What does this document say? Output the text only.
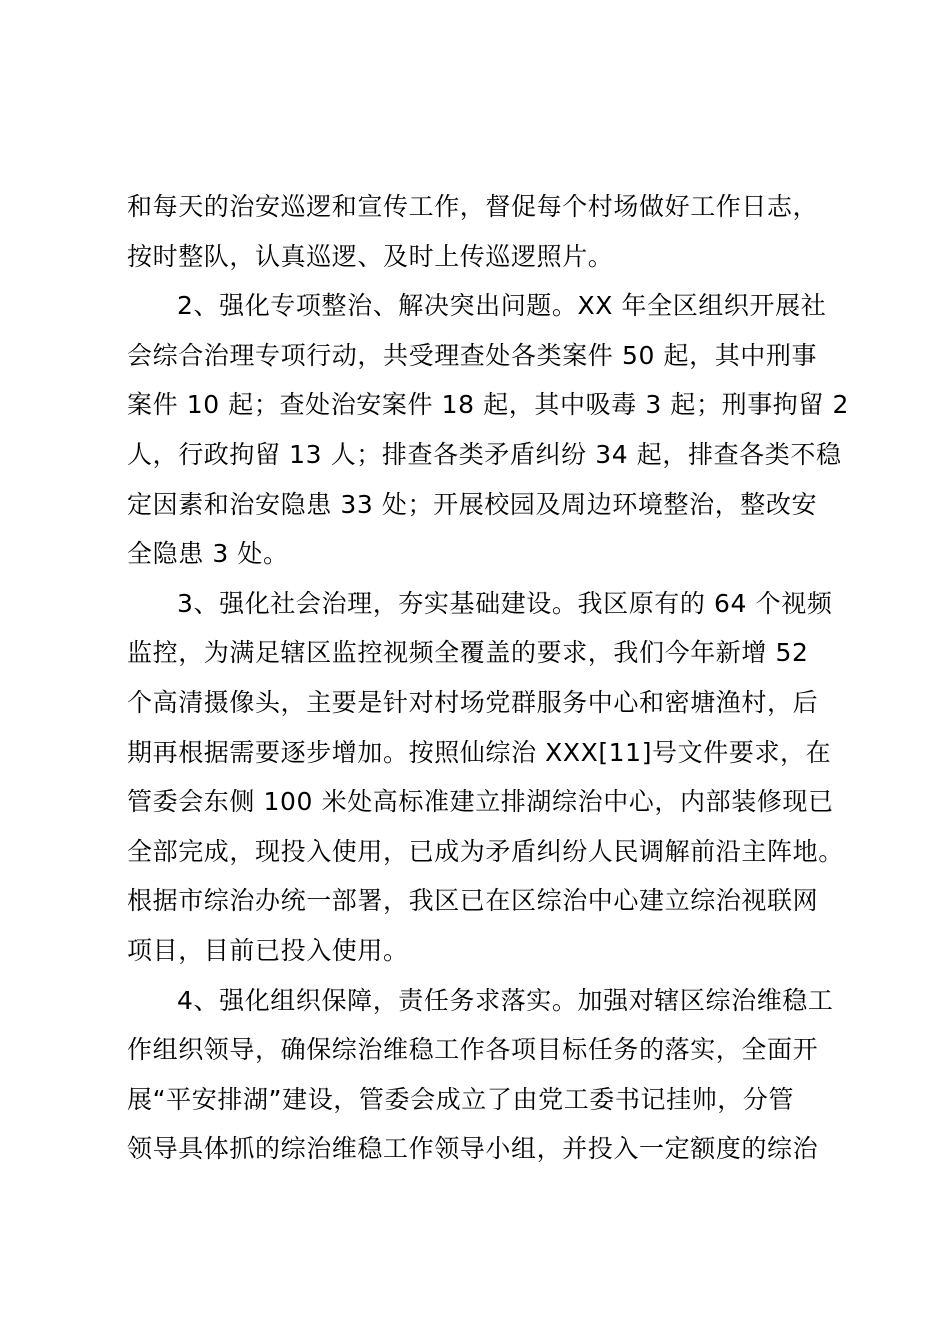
和每天的治安巡逻和宣传工作，督促每个村场做好工作日志，
按时整队，认真巡逻、及时上传巡逻照片。
2、强化专项整治、解决突出问题。XX 年全区组织开展社
会综合治理专项行动，共受理查处各类案件 50 起，其中刑事
案件 10 起；查处治安案件 18 起，其中吸毒 3 起；刑事拘留 2
人，行政拘留 13 人；排查各类矛盾纠纷 34 起，排查各类不稳
定因素和治安隐患 33 处；开展校园及周边环境整治，整改安
全隐患 3 处。
3、强化社会治理，夯实基础建设。我区原有的 64 个视频
监控，为满足辖区监控视频全覆盖的要求，我们今年新增 52
个高清摄像头，主要是针对村场党群服务中心和密塘渔村，后
期再根据需要逐步增加。按照仙综治 XXX[11]号文件要求，在
管委会东侧 100 米处高标准建立排湖综治中心，内部装修现已
全部完成，现投入使用，已成为矛盾纠纷人民调解前沿主阵地。
根据市综治办统一部署，我区已在区综治中心建立综治视联网
项目，目前已投入使用。
4、强化组织保障，责任务求落实。加强对辖区综治维稳工
作组织领导，确保综治维稳工作各项目标任务的落实，全面开
展“平安排湖”建设，管委会成立了由党工委书记挂帅，分管
领导具体抓的综治维稳工作领导小组，并投入一定额度的综治
